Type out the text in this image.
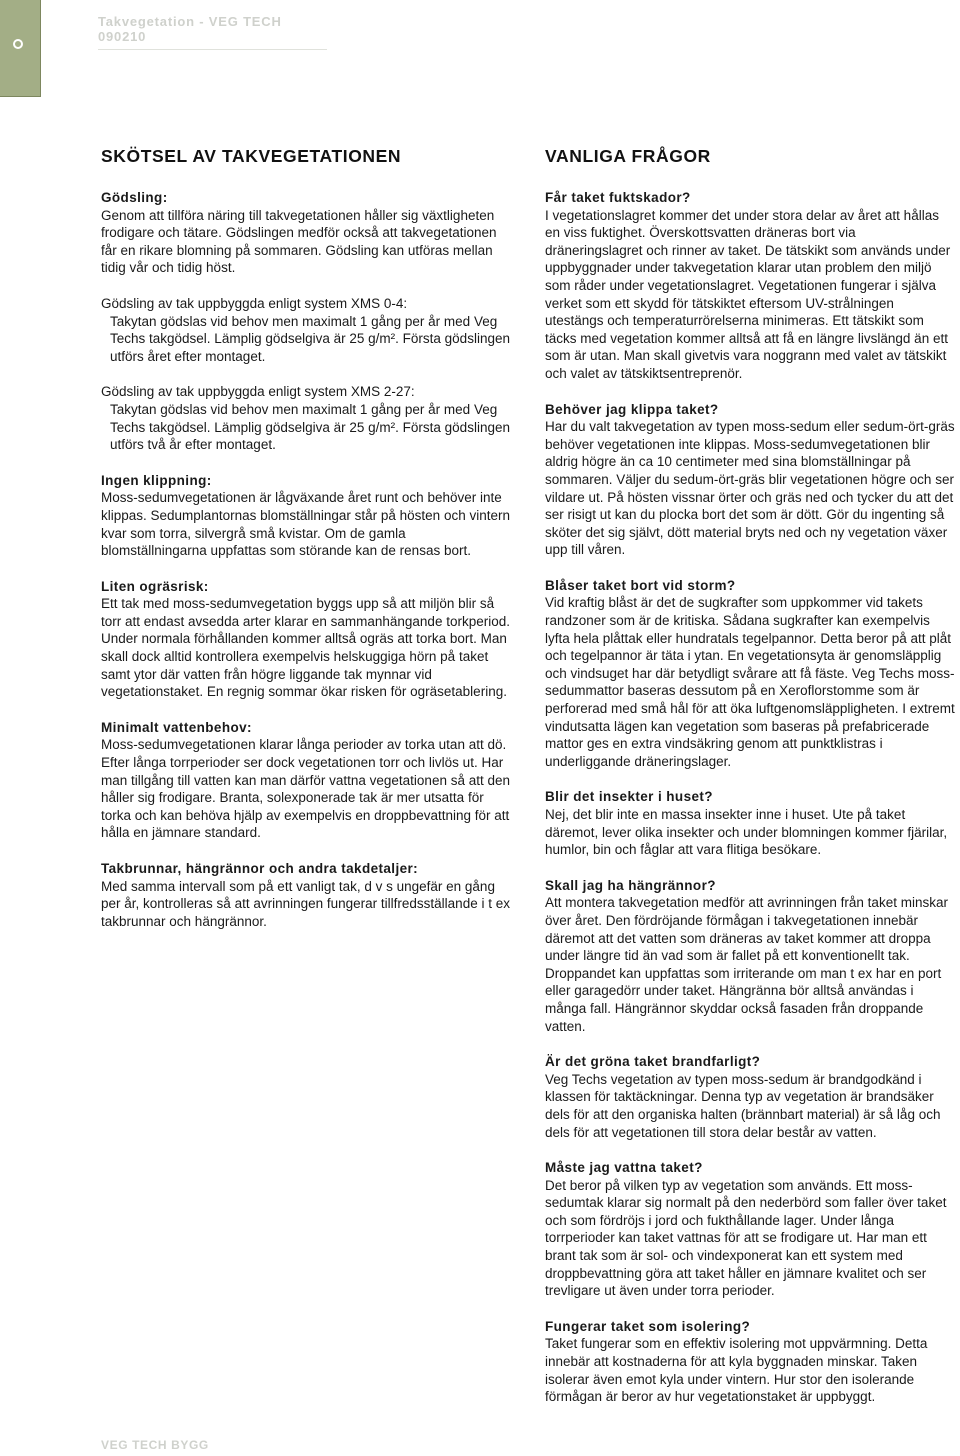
Takvegetation - VEG TECH 090210
SKÖTSEL AV TAKVEGETATIONEN

Gödsling:

Genom att tillföra näring till takvegetationen håller sig växtligheten frodigare och tätare. Gödslingen medför också att takvegetationen får en rikare blomning på sommaren. Gödsling kan utföras mellan tidig vår och tidig höst.

Gödsling av tak uppbyggda enligt system XMS 0-4:

Takytan gödslas vid behov men maximalt 1 gång per år med Veg Techs takgödsel. Lämplig gödselgiva är 25 g/m². Första gödslingen utförs året efter montaget.

Gödsling av tak uppbyggda enligt system XMS 2-27:

Takytan gödslas vid behov men maximalt 1 gång per år med Veg Techs takgödsel. Lämplig gödselgiva är 25 g/m². Första gödslingen utförs två år efter montaget.

Ingen klippning:

Moss-sedumvegetationen är lågväxande året runt och behöver inte klippas. Sedumplantornas blomställningar står på hösten och vintern kvar som torra, silvergrå små kvistar. Om de gamla blomställningarna uppfattas som störande kan de rensas bort.

Liten ogräsrisk:

Ett tak med moss-sedumvegetation byggs upp så att miljön blir så torr att endast avsedda arter klarar en sammanhängande torkperiod. Under normala förhållanden kommer alltså ogräs att torka bort. Man skall dock alltid kontrollera exempelvis helskuggiga hörn på taket samt ytor där vatten från högre liggande tak mynnar vid vegetationstaket. En regnig sommar ökar risken för ogräsetablering.

Minimalt vattenbehov:

Moss-sedumvegetationen klarar långa perioder av torka utan att dö. Efter långa torrperioder ser dock vegetationen torr och livlös ut. Har man tillgång till vatten kan man därför vattna vegetationen så att den håller sig frodigare. Branta, solexponerade tak är mer utsatta för torka och kan behöva hjälp av exempelvis en droppbevattning för att hålla en jämnare standard.

Takbrunnar, hängrännor och andra takdetaljer:

Med samma intervall som på ett vanligt tak, d v s ungefär en gång per år, kontrolleras så att avrinningen fungerar tillfredsställande i t ex takbrunnar och hängrännor.

VANLIGA FRÅGOR

Får taket fuktskador?

I vegetationslagret kommer det under stora delar av året att hållas en viss fuktighet. Överskottsvatten dräneras bort via dräneringslagret och rinner av taket. De tätskikt som används under uppbyggnader under takvegetation klarar utan problem den miljö som råder under vegetationslagret. Vegetationen fungerar i själva verket som ett skydd för tätskiktet eftersom UV-strålningen utestängs och temperaturrörelserna minimeras. Ett tätskikt som täcks med vegetation kommer alltså att få en längre livslängd än ett som är utan. Man skall givetvis vara noggrann med valet av tätskikt och valet av tätskiktsentreprenör.

Behöver jag klippa taket?

Har du valt takvegetation av typen moss-sedum eller sedum-ört-gräs behöver vegetationen inte klippas. Moss-sedumvegetationen blir aldrig högre än ca 10 centimeter med sina blomställningar på sommaren. Väljer du sedum-ört-gräs blir vegetationen högre och ser vildare ut. På hösten vissnar örter och gräs ned och tycker du att det ser risigt ut kan du plocka bort det som är dött. Gör du ingenting så sköter det sig självt, dött material bryts ned och ny vegetation växer upp till våren.

Blåser taket bort vid storm?

Vid kraftig blåst är det de sugkrafter som uppkommer vid takets randzoner som är de kritiska. Sådana sugkrafter kan exempelvis lyfta hela plåttak eller hundratals tegelpannor. Detta beror på att plåt och tegelpannor är täta i ytan. En vegetationsyta är genomsläpplig och vindsuget har där betydligt svårare att få fäste. Veg Techs moss-sedummattor baseras dessutom på en Xeroflorstomme som är perforerad med små hål för att öka luftgenomsläppligheten. I extremt vindutsatta lägen kan vegetation som baseras på prefabricerade mattor ges en extra vindsäkring genom att punktklistras i underliggande dräneringslager.

Blir det insekter i huset?

Nej, det blir inte en massa insekter inne i huset. Ute på taket däremot, lever olika insekter och under blomningen kommer fjärilar, humlor, bin och fåglar att vara flitiga besökare.

Skall jag ha hängrännor?

Att montera takvegetation medför att avrinningen från taket minskar över året. Den fördröjande förmågan i takvegetationen innebär däremot att det vatten som dräneras av taket kommer att droppa under längre tid än vad som är fallet på ett konventionellt tak. Droppandet kan uppfattas som irriterande om man t ex har en port eller garagedörr under taket. Hängränna bör alltså användas i många fall. Hängrännor skyddar också fasaden från droppande vatten.

Är det gröna taket brandfarligt?

Veg Techs vegetation av typen moss-sedum är brandgodkänd i klassen för taktäckningar. Denna typ av vegetation är brandsäker dels för att den organiska halten (brännbart material) är så låg och dels för att vegetationen till stora delar består av vatten.

Måste jag vattna taket?

Det beror på vilken typ av vegetation som används. Ett moss-sedumtak klarar sig normalt på den nederbörd som faller över taket och som fördröjs i jord och fukthållande lager. Under långa torrperioder kan taket vattnas för att se frodigare ut. Har man ett brant tak som är sol- och vindexponerat kan ett system med droppbevattning göra att taket håller en jämnare kvalitet och ser trevligare ut även under torra perioder.

Fungerar taket som isolering?

Taket fungerar som en effektiv isolering mot uppvärmning. Detta innebär att kostnaderna för att kyla byggnaden minskar. Taken isolerar även emot kyla under vintern. Hur stor den isolerande förmågan är beror av hur vegetationstaket är uppbyggt.

VEG TECH BYGG
